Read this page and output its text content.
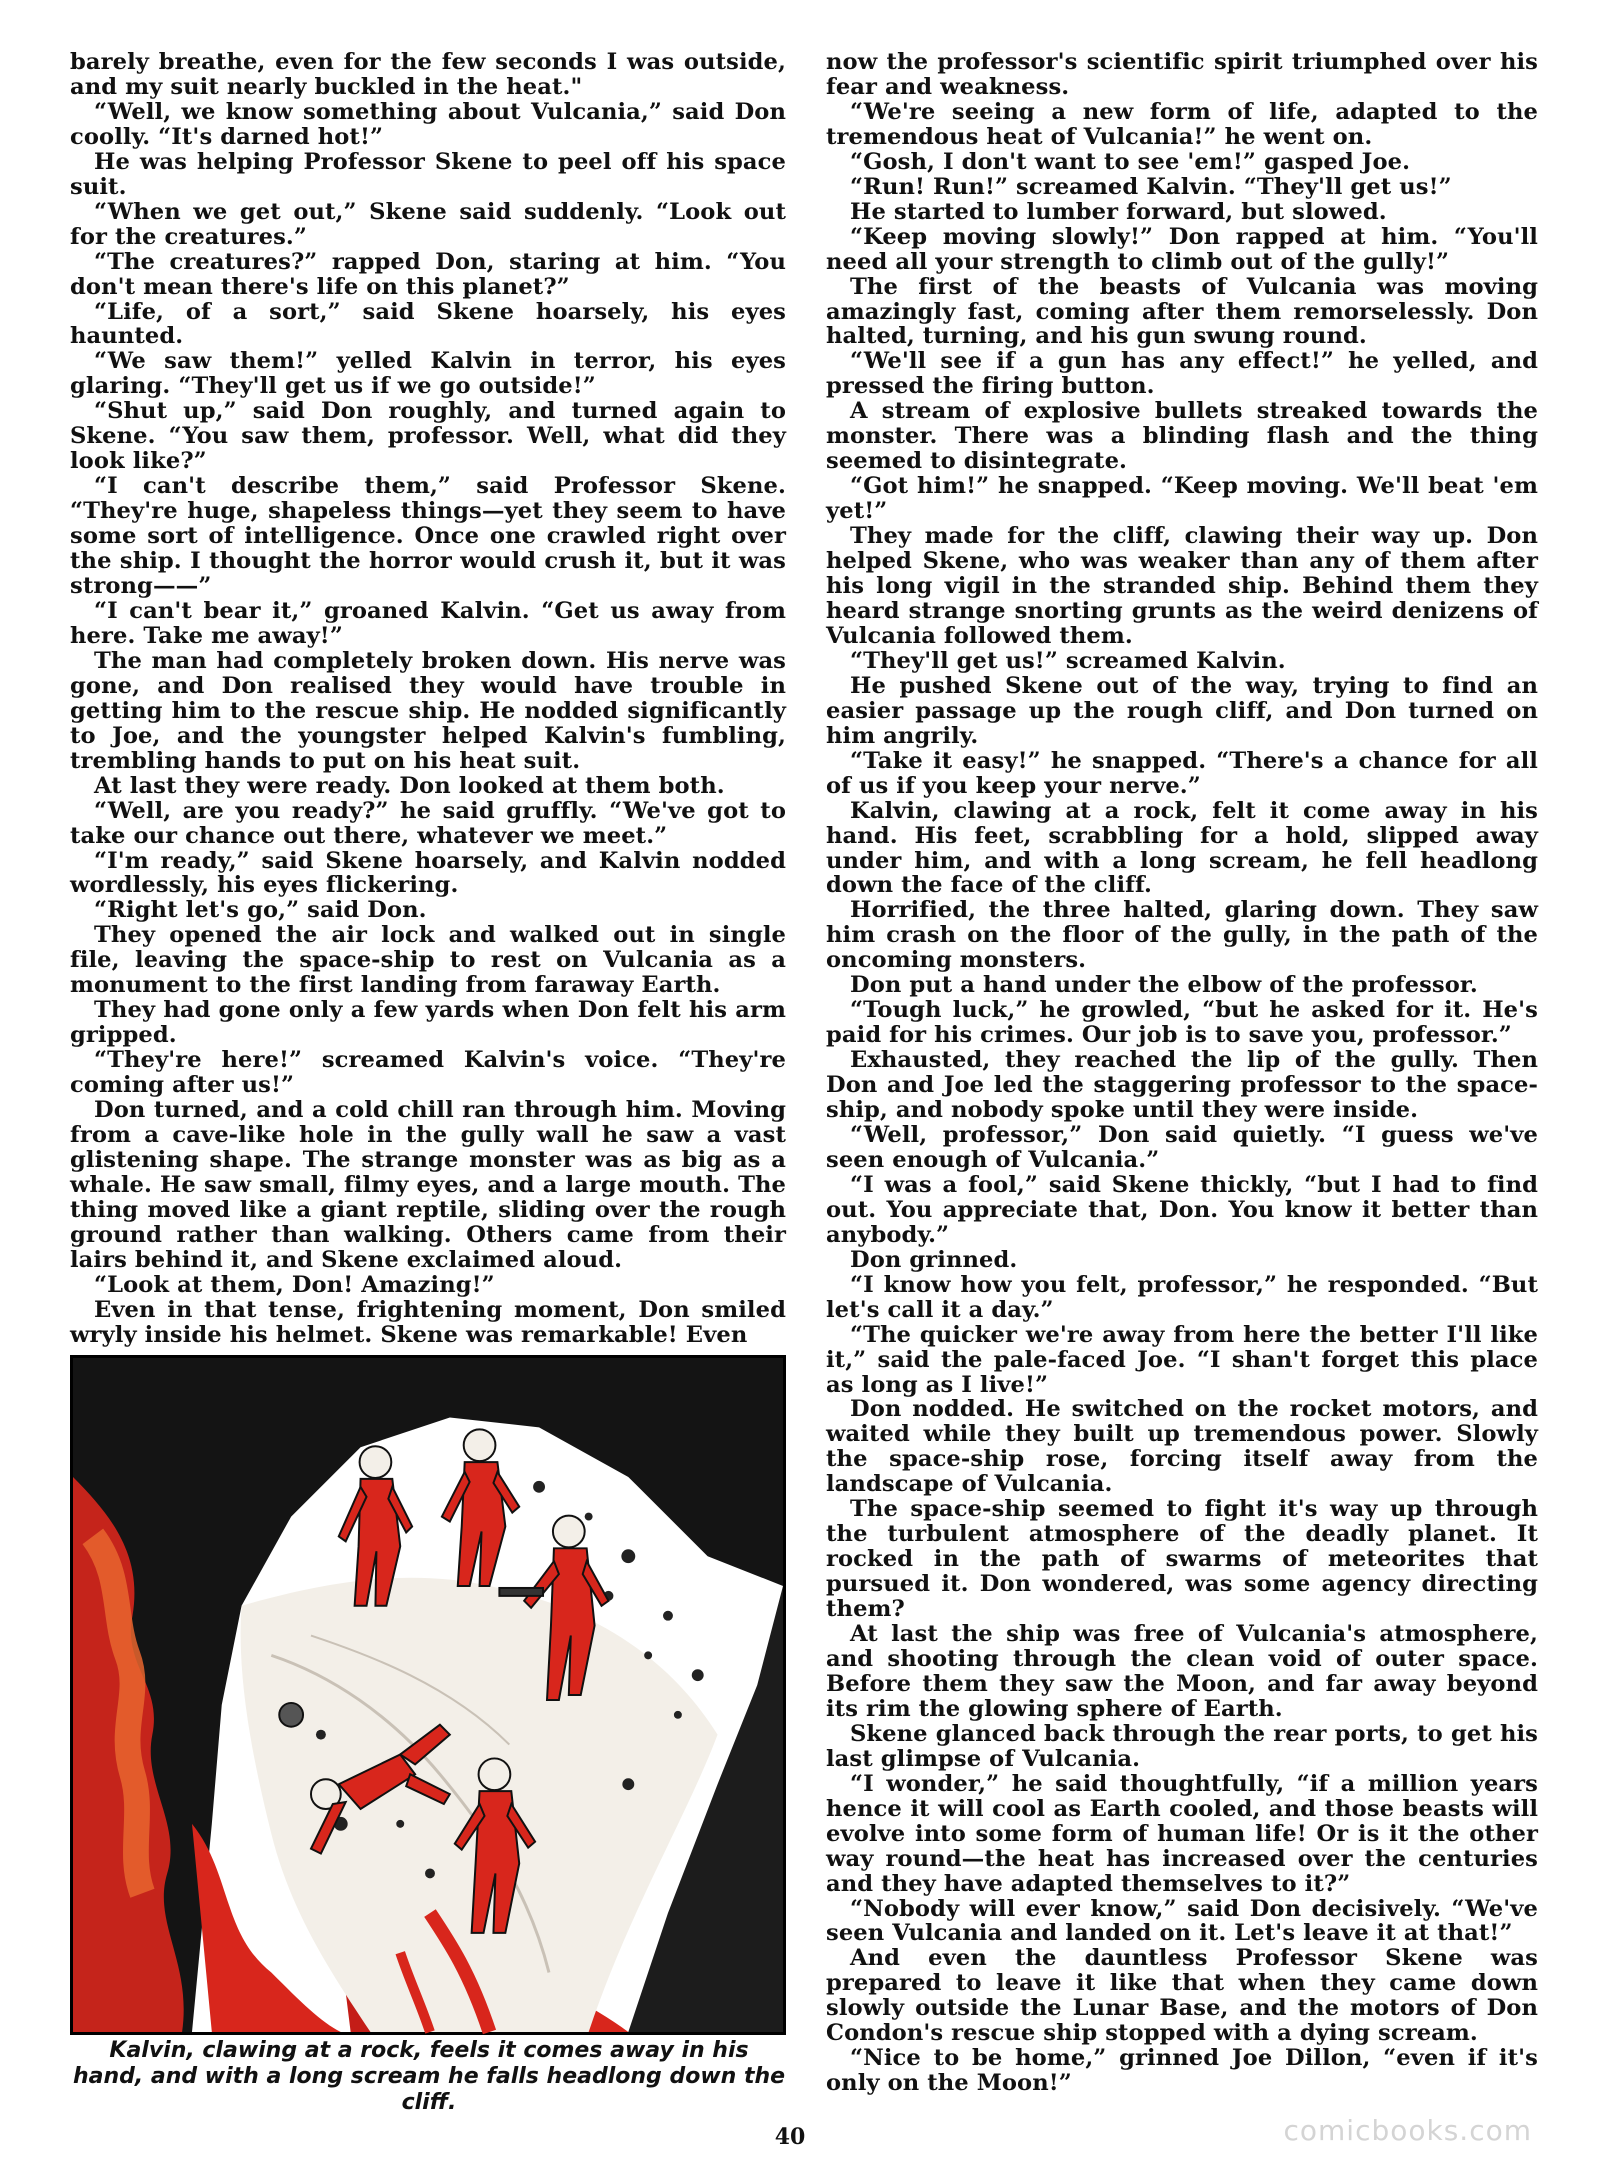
barely breathe, even for the few seconds I was outside, and my suit nearly buckled in the heat."

“Well, we know something about Vulcania,” said Don coolly. “It's darned hot!”

He was helping Professor Skene to peel off his space suit.

“When we get out,” Skene said suddenly. “Look out for the creatures.”

“The creatures?” rapped Don, staring at him. “You don't mean there's life on this planet?”

“Life, of a sort,” said Skene hoarsely, his eyes haunted.

“We saw them!” yelled Kalvin in terror, his eyes glaring. “They'll get us if we go outside!”

“Shut up,” said Don roughly, and turned again to Skene. “You saw them, professor. Well, what did they look like?”

“I can't describe them,” said Professor Skene. “They're huge, shapeless things—yet they seem to have some sort of intelligence. Once one crawled right over the ship. I thought the horror would crush it, but it was strong——”

“I can't bear it,” groaned Kalvin. “Get us away from here. Take me away!”

The man had completely broken down. His nerve was gone, and Don realised they would have trouble in getting him to the rescue ship. He nodded significantly to Joe, and the youngster helped Kalvin's fumbling, trembling hands to put on his heat suit.

At last they were ready. Don looked at them both.

“Well, are you ready?” he said gruffly. “We've got to take our chance out there, whatever we meet.”

“I'm ready,” said Skene hoarsely, and Kalvin nodded wordlessly, his eyes flickering.

“Right let's go,” said Don.

They opened the air lock and walked out in single file, leaving the space-ship to rest on Vulcania as a monument to the first landing from faraway Earth.

They had gone only a few yards when Don felt his arm gripped.

“They're here!” screamed Kalvin's voice. “They're coming after us!”

Don turned, and a cold chill ran through him. Moving from a cave-like hole in the gully wall he saw a vast glistening shape. The strange monster was as big as a whale. He saw small, filmy eyes, and a large mouth. The thing moved like a giant reptile, sliding over the rough ground rather than walking. Others came from their lairs behind it, and Skene exclaimed aloud.

“Look at them, Don! Amazing!”

Even in that tense, frightening moment, Don smiled wryly inside his helmet. Skene was remarkable! Even

now the professor's scientific spirit triumphed over his fear and weakness.

“We're seeing a new form of life, adapted to the tremendous heat of Vulcania!” he went on.

“Gosh, I don't want to see 'em!” gasped Joe.

“Run! Run!” screamed Kalvin. “They'll get us!”

He started to lumber forward, but slowed.

“Keep moving slowly!” Don rapped at him. “You'll need all your strength to climb out of the gully!”

The first of the beasts of Vulcania was moving amazingly fast, coming after them remorselessly. Don halted, turning, and his gun swung round.

“We'll see if a gun has any effect!” he yelled, and pressed the firing button.

A stream of explosive bullets streaked towards the monster. There was a blinding flash and the thing seemed to disintegrate.

“Got him!” he snapped. “Keep moving. We'll beat 'em yet!”

They made for the cliff, clawing their way up. Don helped Skene, who was weaker than any of them after his long vigil in the stranded ship. Behind them they heard strange snorting grunts as the weird denizens of Vulcania followed them.

“They'll get us!” screamed Kalvin.

He pushed Skene out of the way, trying to find an easier passage up the rough cliff, and Don turned on him angrily.

“Take it easy!” he snapped. “There's a chance for all of us if you keep your nerve.”

Kalvin, clawing at a rock, felt it come away in his hand. His feet, scrabbling for a hold, slipped away under him, and with a long scream, he fell headlong down the face of the cliff.

Horrified, the three halted, glaring down. They saw him crash on the floor of the gully, in the path of the oncoming monsters.

Don put a hand under the elbow of the professor.

“Tough luck,” he growled, “but he asked for it. He's paid for his crimes. Our job is to save you, professor.”

Exhausted, they reached the lip of the gully. Then Don and Joe led the staggering professor to the space-ship, and nobody spoke until they were inside.

“Well, professor,” Don said quietly. “I guess we've seen enough of Vulcania.”

“I was a fool,” said Skene thickly, “but I had to find out. You appreciate that, Don. You know it better than anybody.”

Don grinned.

“I know how you felt, professor,” he responded. “But let's call it a day.”

“The quicker we're away from here the better I'll like it,” said the pale-faced Joe. “I shan't forget this place as long as I live!”

Don nodded. He switched on the rocket motors, and waited while they built up tremendous power. Slowly the space-ship rose, forcing itself away from the landscape of Vulcania.

The space-ship seemed to fight it's way up through the turbulent atmosphere of the deadly planet. It rocked in the path of swarms of meteorites that pursued it. Don wondered, was some agency directing them?

At last the ship was free of Vulcania's atmosphere, and shooting through the clean void of outer space. Before them they saw the Moon, and far away beyond its rim the glowing sphere of Earth.

Skene glanced back through the rear ports, to get his last glimpse of Vulcania.

“I wonder,” he said thoughtfully, “if a million years hence it will cool as Earth cooled, and those beasts will evolve into some form of human life! Or is it the other way round—the heat has increased over the centuries and they have adapted themselves to it?”

“Nobody will ever know,” said Don decisively. “We've seen Vulcania and landed on it. Let's leave it at that!”

And even the dauntless Professor Skene was prepared to leave it like that when they came down slowly outside the Lunar Base, and the motors of Don Condon's rescue ship stopped with a dying scream.

“Nice to be home,” grinned Joe Dillon, “even if it's only on the Moon!”

Kalvin, clawing at a rock, feels it comes away in his hand, and with a long scream he falls headlong down the cliff.
40	comicbooks.com
